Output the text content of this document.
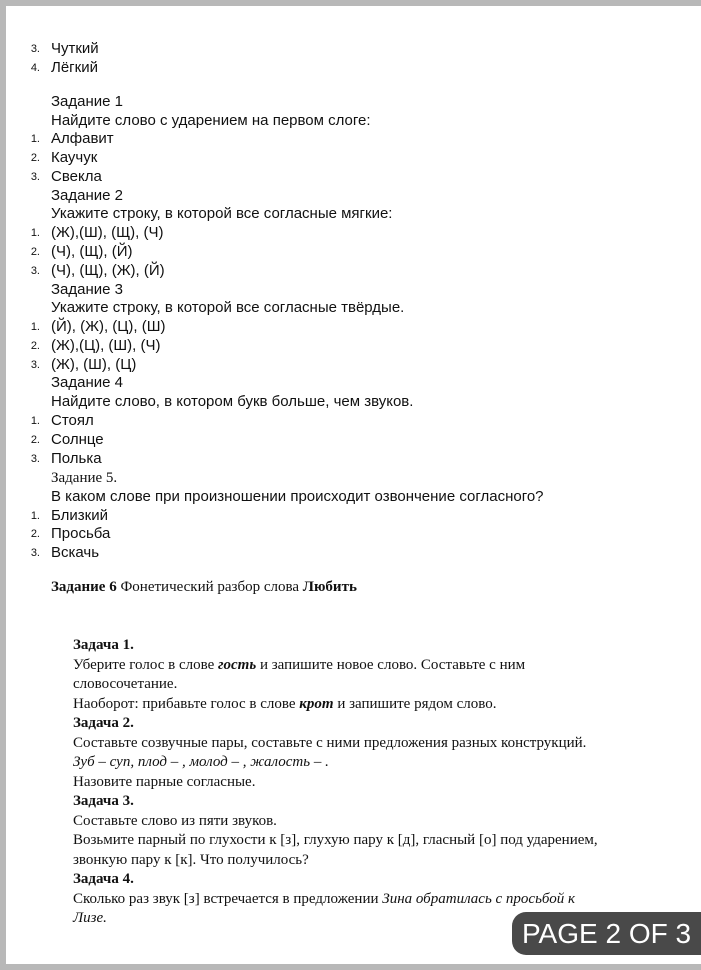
3. Чуткий
4. Лёгкий
Задание 1
Найдите слово с ударением на первом слоге:
1. Алфавит
2. Каучук
3. Свекла
Задание 2
Укажите строку, в которой все согласные мягкие:
1. (Ж),(Ш), (Щ), (Ч)
2. (Ч), (Щ), (Й)
3. (Ч), (Щ), (Ж), (Й)
Задание 3
Укажите строку, в которой все согласные твёрдые.
1. (Й), (Ж), (Ц), (Ш)
2. (Ж),(Ц), (Ш), (Ч)
3. (Ж), (Ш), (Ц)
Задание 4
Найдите слово, в котором букв больше, чем звуков.
1. Стоял
2. Солнце
3. Полька
Задание 5.
В каком слове при произношении происходит озвончение согласного?
1. Близкий
2. Просьба
3. Вскачь
Задание 6 Фонетический разбор слова Любить
Задача 1.
Уберите голос в слове гость и запишите новое слово. Составьте с ним
словосочетание.
Наоборот: прибавьте голос в слове крот и запишите рядом слово.
Задача 2.
Составьте созвучные пары, составьте с ними предложения разных конструкций.
Зуб – суп, плод – , молод – , жалость – .
Назовите парные согласные.
Задача 3.
Составьте слово из пяти звуков.
Возьмите парный по глухости к [з], глухую пару к [д], гласный [о] под ударением,
звонкую пару к [к]. Что получилось?
Задача 4.
Сколько раз звук [з] встречается в предложении Зина обратилась с просьбой к
Лизе.	PAGE 2 OF 3
